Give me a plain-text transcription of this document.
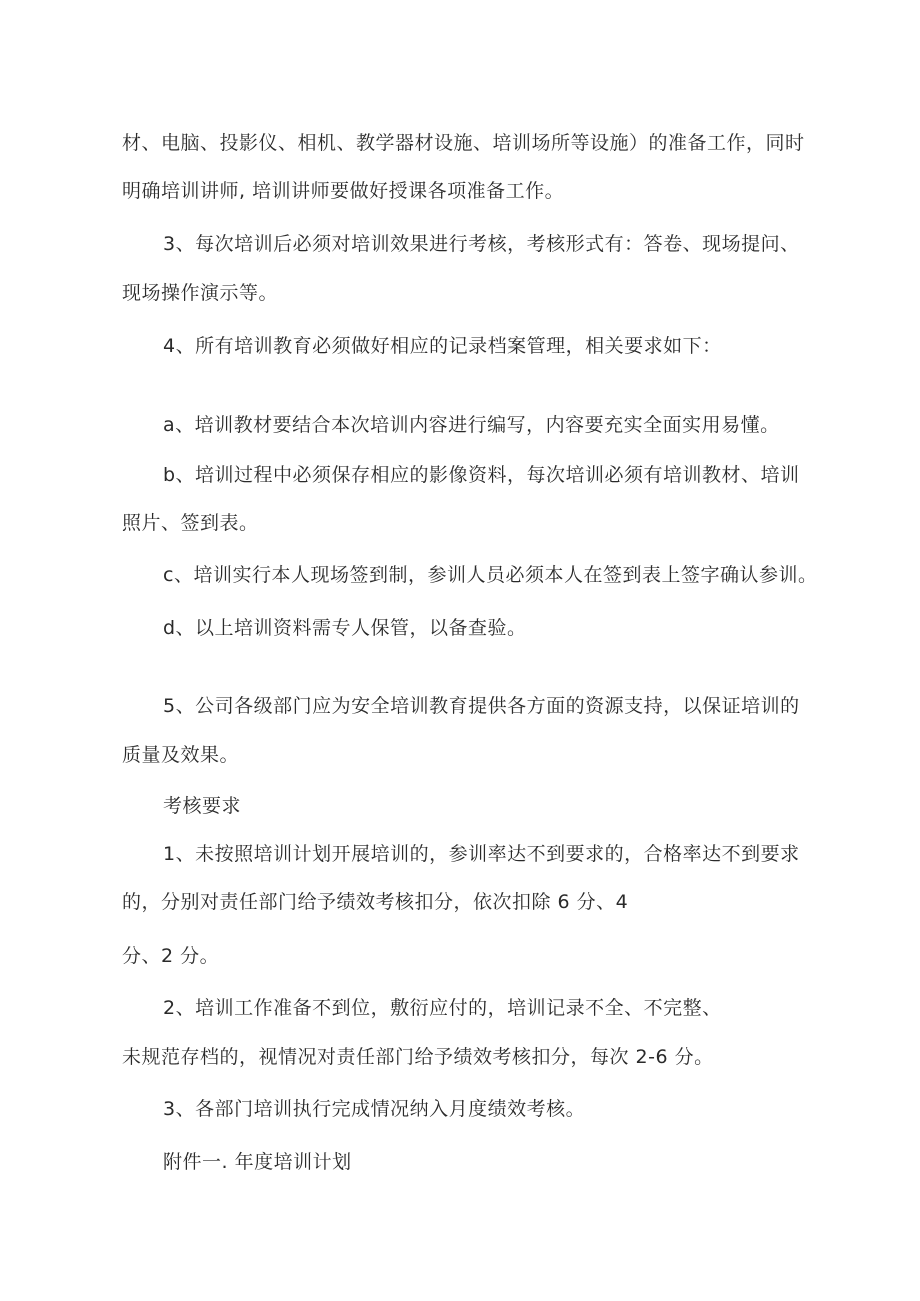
材、电脑、投影仪、相机、教学器材设施、培训场所等设施）的准备工作，同时
明确培训讲师, 培训讲师要做好授课各项准备工作。
3、每次培训后必须对培训效果进行考核，考核形式有：答卷、现场提问、
现场操作演示等。
4、所有培训教育必须做好相应的记录档案管理，相关要求如下：
a、培训教材要结合本次培训内容进行编写，内容要充实全面实用易懂。
b、培训过程中必须保存相应的影像资料，每次培训必须有培训教材、培训
照片、签到表。
c、培训实行本人现场签到制，参训人员必须本人在签到表上签字确认参训。
d、以上培训资料需专人保管，以备查验。
5、公司各级部门应为安全培训教育提供各方面的资源支持，以保证培训的
质量及效果。
考核要求
1、未按照培训计划开展培训的，参训率达不到要求的，合格率达不到要求
的，分别对责任部门给予绩效考核扣分，依次扣除 6 分、4
分、2 分。
2、培训工作准备不到位，敷衍应付的，培训记录不全、不完整、
未规范存档的，视情况对责任部门给予绩效考核扣分，每次 2-6 分。
3、各部门培训执行完成情况纳入月度绩效考核。
附件一. 年度培训计划
